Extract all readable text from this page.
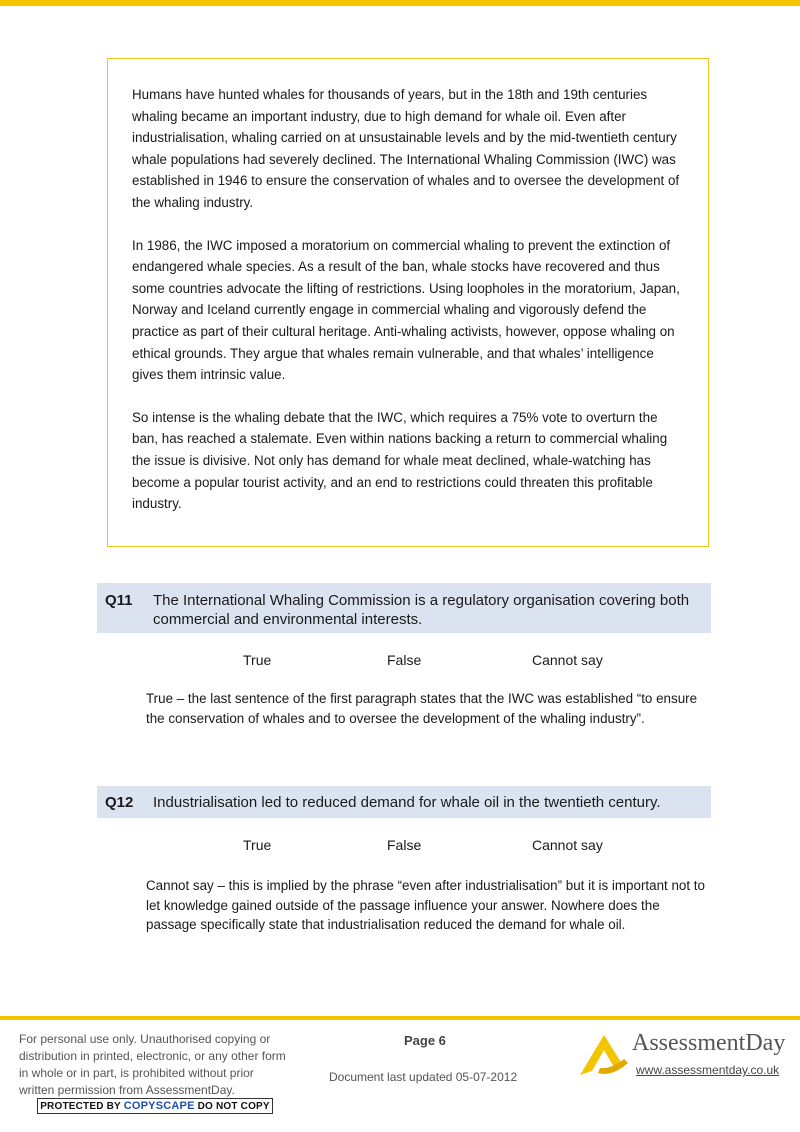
Humans have hunted whales for thousands of years, but in the 18th and 19th centuries whaling became an important industry, due to high demand for whale oil. Even after industrialisation, whaling carried on at unsustainable levels and by the mid-twentieth century whale populations had severely declined. The International Whaling Commission (IWC) was established in 1946 to ensure the conservation of whales and to oversee the development of the whaling industry.

In 1986, the IWC imposed a moratorium on commercial whaling to prevent the extinction of endangered whale species. As a result of the ban, whale stocks have recovered and thus some countries advocate the lifting of restrictions. Using loopholes in the moratorium, Japan, Norway and Iceland currently engage in commercial whaling and vigorously defend the practice as part of their cultural heritage. Anti-whaling activists, however, oppose whaling on ethical grounds. They argue that whales remain vulnerable, and that whales’ intelligence gives them intrinsic value.

So intense is the whaling debate that the IWC, which requires a 75% vote to overturn the ban, has reached a stalemate. Even within nations backing a return to commercial whaling the issue is divisive. Not only has demand for whale meat declined, whale-watching has become a popular tourist activity, and an end to restrictions could threaten this profitable industry.

Q11 The International Whaling Commission is a regulatory organisation covering both commercial and environmental interests.
True	False	Cannot say
True – the last sentence of the first paragraph states that the IWC was established “to ensure the conservation of whales and to oversee the development of the whaling industry”.
Q12 Industrialisation led to reduced demand for whale oil in the twentieth century.
True	False	Cannot say
Cannot say – this is implied by the phrase “even after industrialisation” but it is important not to let knowledge gained outside of the passage influence your answer. Nowhere does the passage specifically state that industrialisation reduced the demand for whale oil.
For personal use only. Unauthorised copying or distribution in printed, electronic, or any other form in whole or in part, is prohibited without prior written permission from AssessmentDay.
PROTECTED BY COPYSCAPE DO NOT COPY
Page 6
Document last updated 05-07-2012
AssessmentDay
www.assessmentday.co.uk
